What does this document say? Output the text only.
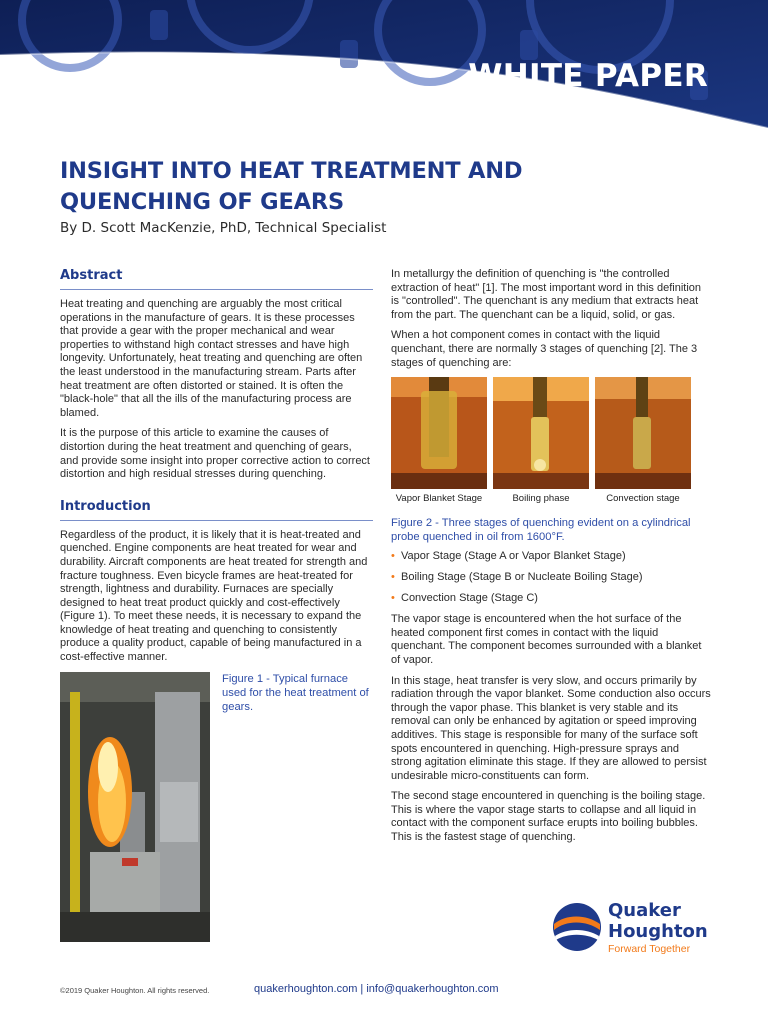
WHITE PAPER
INSIGHT INTO HEAT TREATMENT AND QUENCHING OF GEARS

By D. Scott MacKenzie, PhD, Technical Specialist

Abstract

Heat treating and quenching are arguably the most critical operations in the manufacture of gears. It is these processes that provide a gear with the proper mechanical and wear properties to withstand high contact stresses and have high longevity. Unfortunately, heat treating and quenching are often the least understood in the manufacturing stream. Parts after heat treatment are often distorted or stained. It is often the "black-hole" that all the ills of the manufacturing process are blamed.

It is the purpose of this article to examine the causes of distortion during the heat treatment and quenching of gears, and provide some insight into proper corrective action to correct distortion and high residual stresses during quenching.

Introduction

Regardless of the product, it is likely that it is heat-treated and quenched. Engine components are heat treated for wear and durability. Aircraft components are heat treated for strength and fracture toughness. Even bicycle frames are heat-treated for strength, lightness and durability. Furnaces are specially designed to heat treat product quickly and cost-effectively (Figure 1). To meet these needs, it is necessary to expand the knowledge of heat treating and quenching to consistently produce a quality product, capable of being manufactured in a cost-effective manner.

Figure 1 - Typical furnace used for the heat treatment of gears.

In metallurgy the definition of quenching is "the controlled extraction of heat" [1]. The most important word in this definition is "controlled". The quenchant is any medium that extracts heat from the part. The quenchant can be a liquid, solid, or gas.

When a hot component comes in contact with the liquid quenchant, there are normally 3 stages of quenching [2]. The 3 stages of quenching are:

Vapor Blanket Stage	Boiling phase	Convection stage

Figure 2 - Three stages of quenching evident on a cylindrical probe quenched in oil from 1600°F.

• Vapor Stage (Stage A or Vapor Blanket Stage)
• Boiling Stage (Stage B or Nucleate Boiling Stage)
• Convection Stage (Stage C)

The vapor stage is encountered when the hot surface of the heated component first comes in contact with the liquid quenchant. The component becomes surrounded with a blanket of vapor.

In this stage, heat transfer is very slow, and occurs primarily by radiation through the vapor blanket. Some conduction also occurs through the vapor phase. This blanket is very stable and its removal can only be enhanced by agitation or speed improving additives. This stage is responsible for many of the surface soft spots encountered in quenching. High-pressure sprays and strong agitation eliminate this stage. If they are allowed to persist undesirable micro-constituents can form.

The second stage encountered in quenching is the boiling stage. This is where the vapor stage starts to collapse and all liquid in contact with the component surface erupts into boiling bubbles. This is the fastest stage of quenching.

Quaker

Houghton

Forward Together
©2019 Quaker Houghton. All rights reserved.	quakerhoughton.com | info@quakerhoughton.com
